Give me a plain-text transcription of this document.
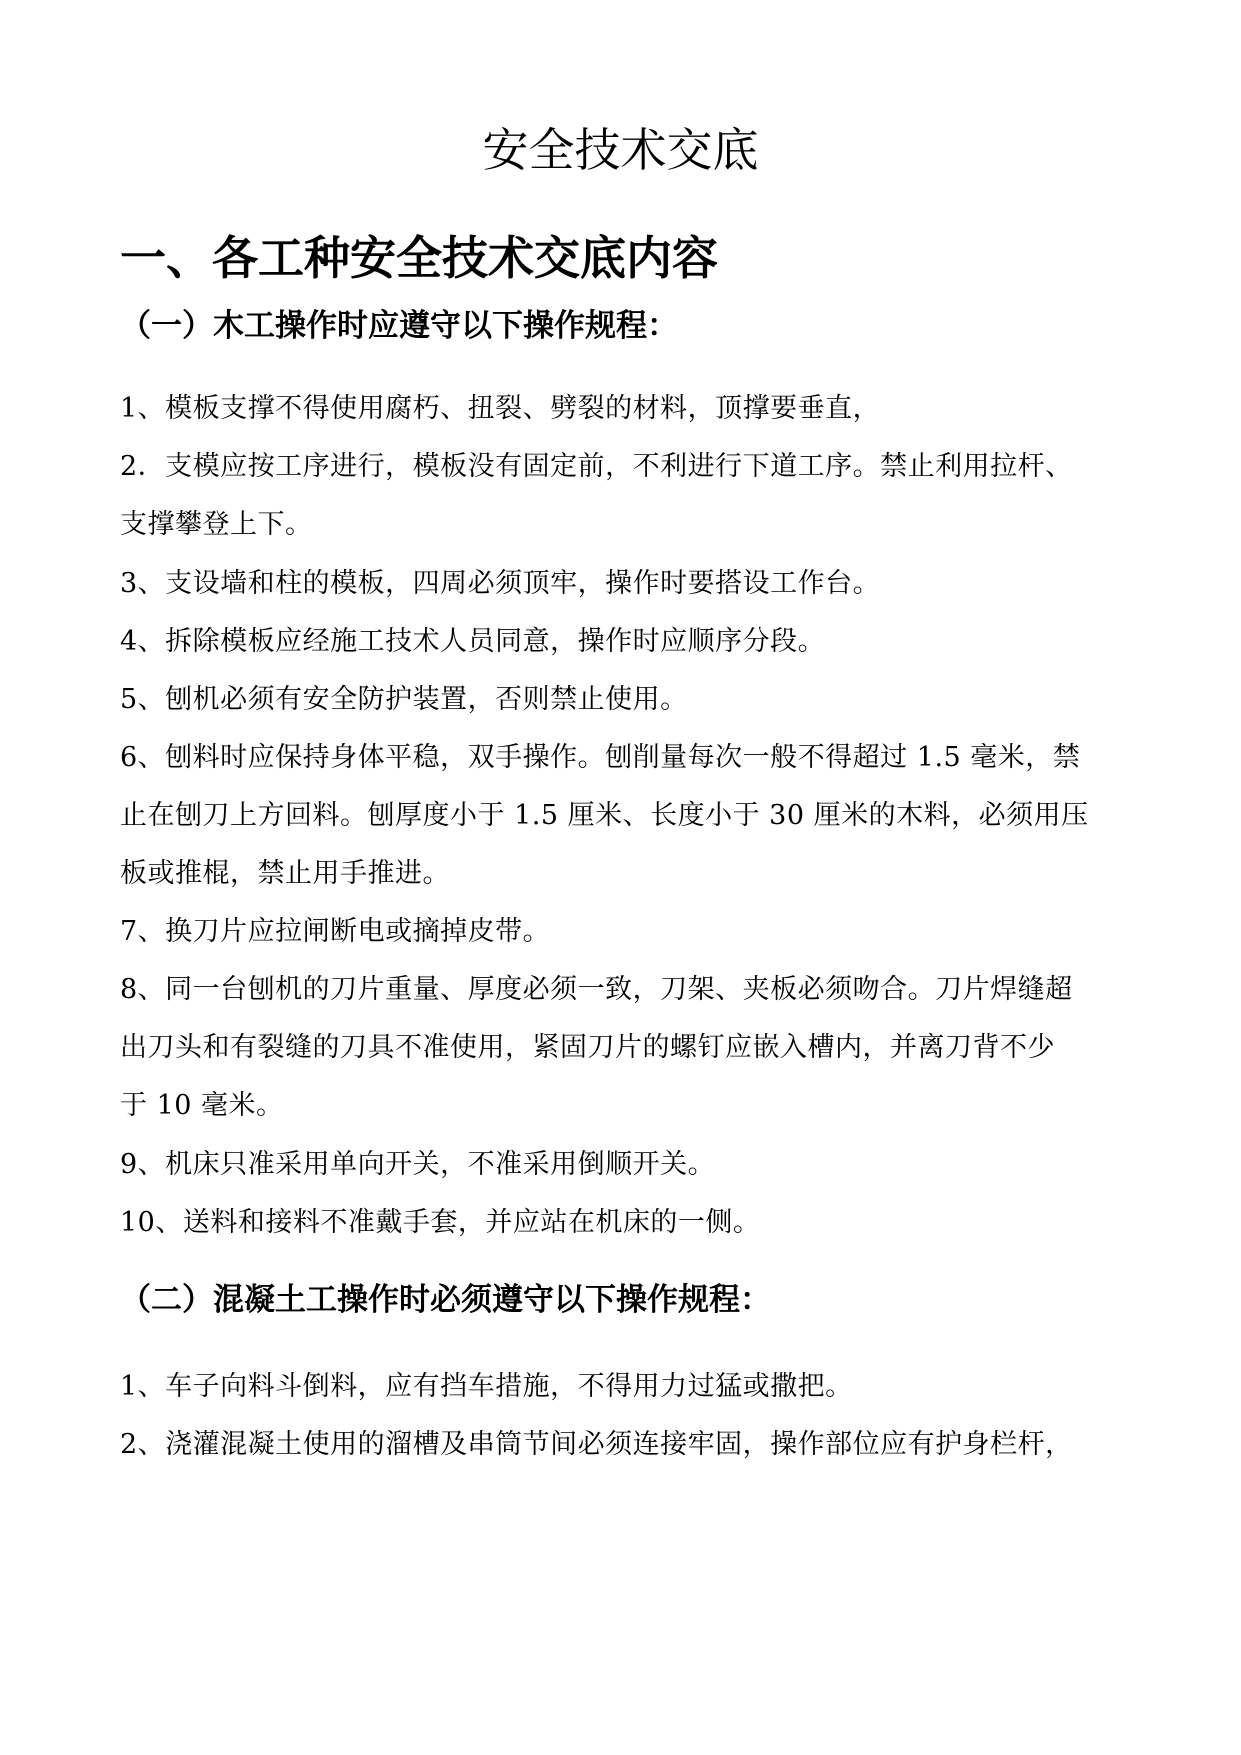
安全技术交底
一、各工种安全技术交底内容
（一）木工操作时应遵守以下操作规程：

1、模板支撑不得使用腐朽、扭裂、劈裂的材料，顶撑要垂直，

2．支模应按工序进行，模板没有固定前，不利进行下道工序。禁止利用拉杆、
支撑攀登上下。

3、支设墙和柱的模板，四周必须顶牢，操作时要搭设工作台。

4、拆除模板应经施工技术人员同意，操作时应顺序分段。

5、刨机必须有安全防护装置，否则禁止使用。

6、刨料时应保持身体平稳，双手操作。刨削量每次一般不得超过 1.5 毫米，禁
止在刨刀上方回料。刨厚度小于 1.5 厘米、长度小于 30 厘米的木料，必须用压
板或推棍，禁止用手推进。

7、换刀片应拉闸断电或摘掉皮带。

8、同一台刨机的刀片重量、厚度必须一致，刀架、夹板必须吻合。刀片焊缝超
出刀头和有裂缝的刀具不准使用，紧固刀片的螺钉应嵌入槽内，并离刀背不少
于 10 毫米。

9、机床只准采用单向开关，不准采用倒顺开关。

10、送料和接料不准戴手套，并应站在机床的一侧。

（二）混凝土工操作时必须遵守以下操作规程：

1、车子向料斗倒料，应有挡车措施，不得用力过猛或撒把。

2、浇灌混凝土使用的溜槽及串筒节间必须连接牢固，操作部位应有护身栏杆，
